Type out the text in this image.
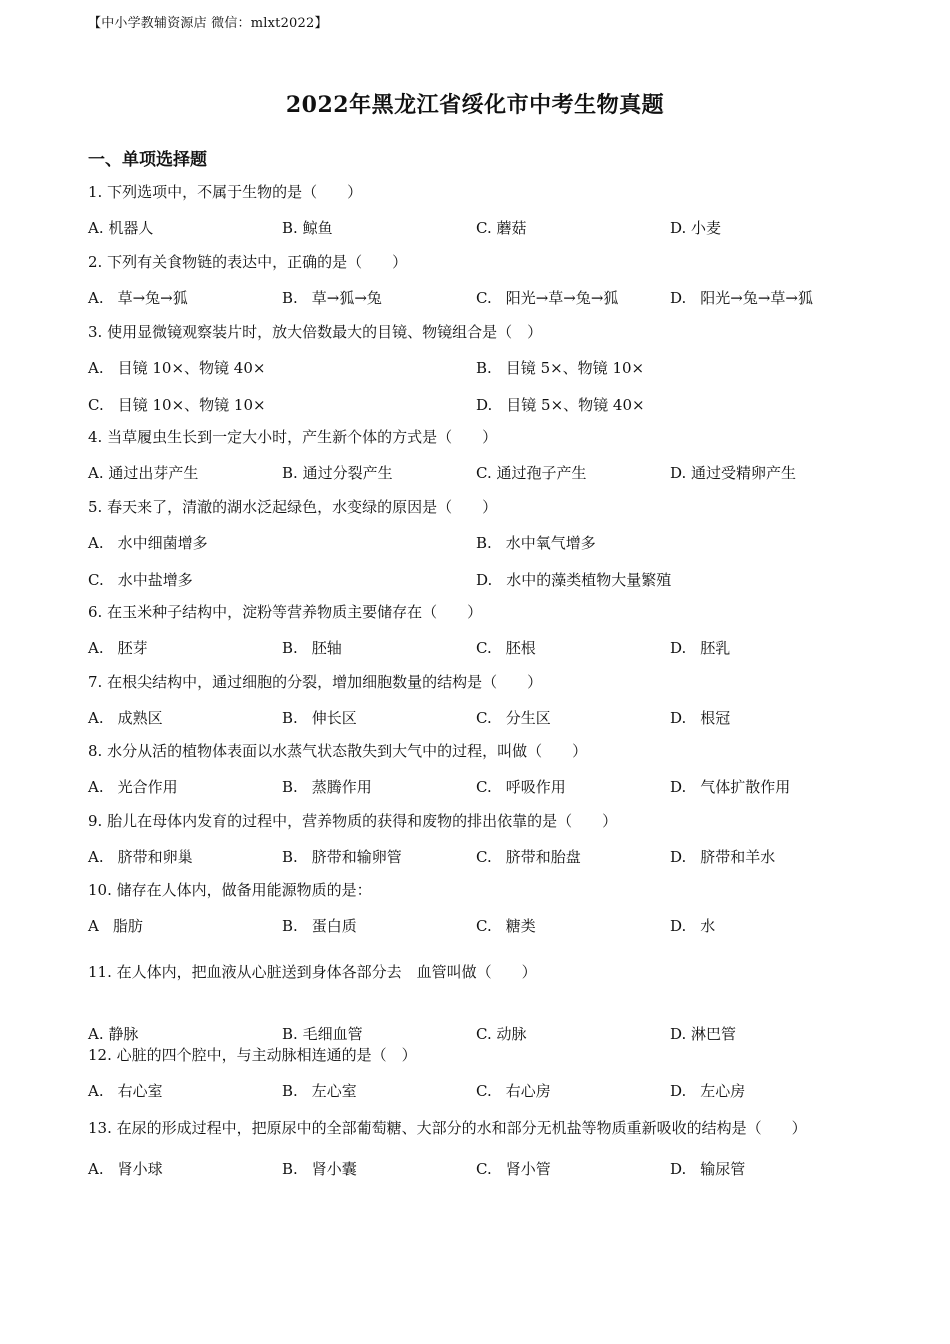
【中小学教辅资源店 微信：mlxt2022】
2022年黑龙江省绥化市中考生物真题
一、单项选择题
1. 下列选项中，不属于生物的是（　　）
A. 机器人	B. 鲸鱼	C. 蘑菇	D. 小麦
2. 下列有关食物链的表达中，正确的是（　　）
A. 草→兔→狐	B. 草→狐→兔	C. 阳光→草→兔→狐	D. 阳光→兔→草→狐
3. 使用显微镜观察装片时，放大倍数最大的目镜、物镜组合是（　）
A. 目镜 10×、物镜 40×	B. 目镜 5×、物镜 10×
C. 目镜 10×、物镜 10×	D. 目镜 5×、物镜 40×
4. 当草履虫生长到一定大小时，产生新个体的方式是（　　）
A. 通过出芽产生	B. 通过分裂产生	C. 通过孢子产生	D. 通过受精卵产生
5. 春天来了，清澈的湖水泛起绿色，水变绿的原因是（　　）
A. 水中细菌增多	B. 水中氧气增多
C. 水中盐增多	D. 水中的藻类植物大量繁殖
6. 在玉米种子结构中，淀粉等营养物质主要储存在（　　）
A. 胚芽	B. 胚轴	C. 胚根	D. 胚乳
7. 在根尖结构中，通过细胞的分裂，增加细胞数量的结构是（　　）
A. 成熟区	B. 伸长区	C. 分生区	D. 根冠
8. 水分从活的植物体表面以水蒸气状态散失到大气中的过程，叫做（　　）
A. 光合作用	B. 蒸腾作用	C. 呼吸作用	D. 气体扩散作用
9. 胎儿在母体内发育的过程中，营养物质的获得和废物的排出依靠的是（　　）
A. 脐带和卵巢	B. 脐带和输卵管	C. 脐带和胎盘	D. 脐带和羊水
10. 储存在人体内，做备用能源物质的是：
A 脂肪	B. 蛋白质	C. 糖类	D. 水
11. 在人体内，把血液从心脏送到身体各部分去　血管叫做（　　）
A. 静脉	B. 毛细血管	C. 动脉	D. 淋巴管
12. 心脏的四个腔中，与主动脉相连通的是（　）
A. 右心室	B. 左心室	C. 右心房	D. 左心房
13. 在尿的形成过程中，把原尿中的全部葡萄糖、大部分的水和部分无机盐等物质重新吸收的结构是（　　）
A. 肾小球	B. 肾小囊	C. 肾小管	D. 输尿管
